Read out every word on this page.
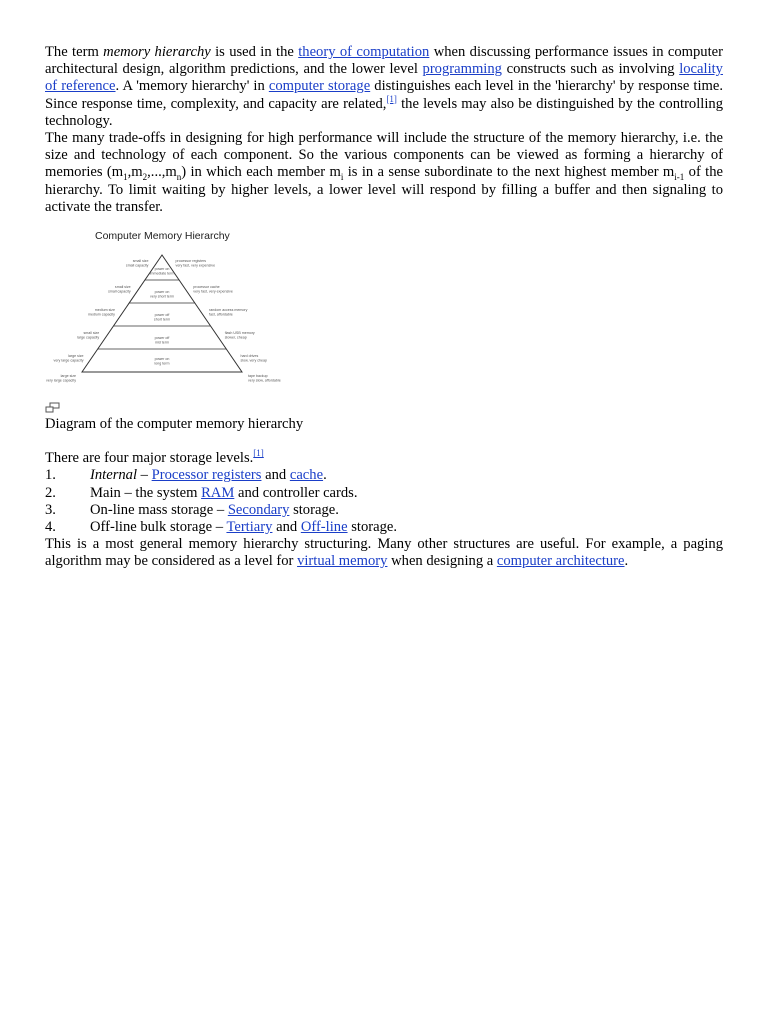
The term memory hierarchy is used in the theory of computation when discussing performance issues in computer architectural design, algorithm predictions, and the lower level programming constructs such as involving locality of reference. A 'memory hierarchy' in computer storage distinguishes each level in the 'hierarchy' by response time. Since response time, complexity, and capacity are related,[1] the levels may also be distinguished by the controlling technology.

The many trade-offs in designing for high performance will include the structure of the memory hierarchy, i.e. the size and technology of each component. So the various components can be viewed as forming a hierarchy of memories $(m_1,m_2,...,m_n)$ in which each member $m_i$ is in a sense subordinate to the next highest member $m_{i-1}$ of the hierarchy. To limit waiting by higher levels, a lower level will respond by filling a buffer and then signaling to activate the transfer.

Computer Memory Hierarchy
small size
small capacity
small size
small capacity
medium size
medium capacity
small size
large capacity
large size
very large capacity
large size
very large capacity
processor registers
very fast, very expensive
processor cache
very fast, very expensive
random access memory
fast, affordable
flash USB memory
slower, cheap
hard drives
slow, very cheap
tape backup
very slow, affordable
power on
immediate term
power on
very short term
power off
short term
power off
mid term
power on
long term

Diagram of the computer memory hierarchy

There are four major storage levels.[1]

1.	Internal – Processor registers and cache.
2.	Main – the system RAM and controller cards.
3.	On-line mass storage – Secondary storage.
4.	Off-line bulk storage – Tertiary and Off-line storage.

This is a most general memory hierarchy structuring. Many other structures are useful. For example, a paging algorithm may be considered as a level for virtual memory when designing a computer architecture.
